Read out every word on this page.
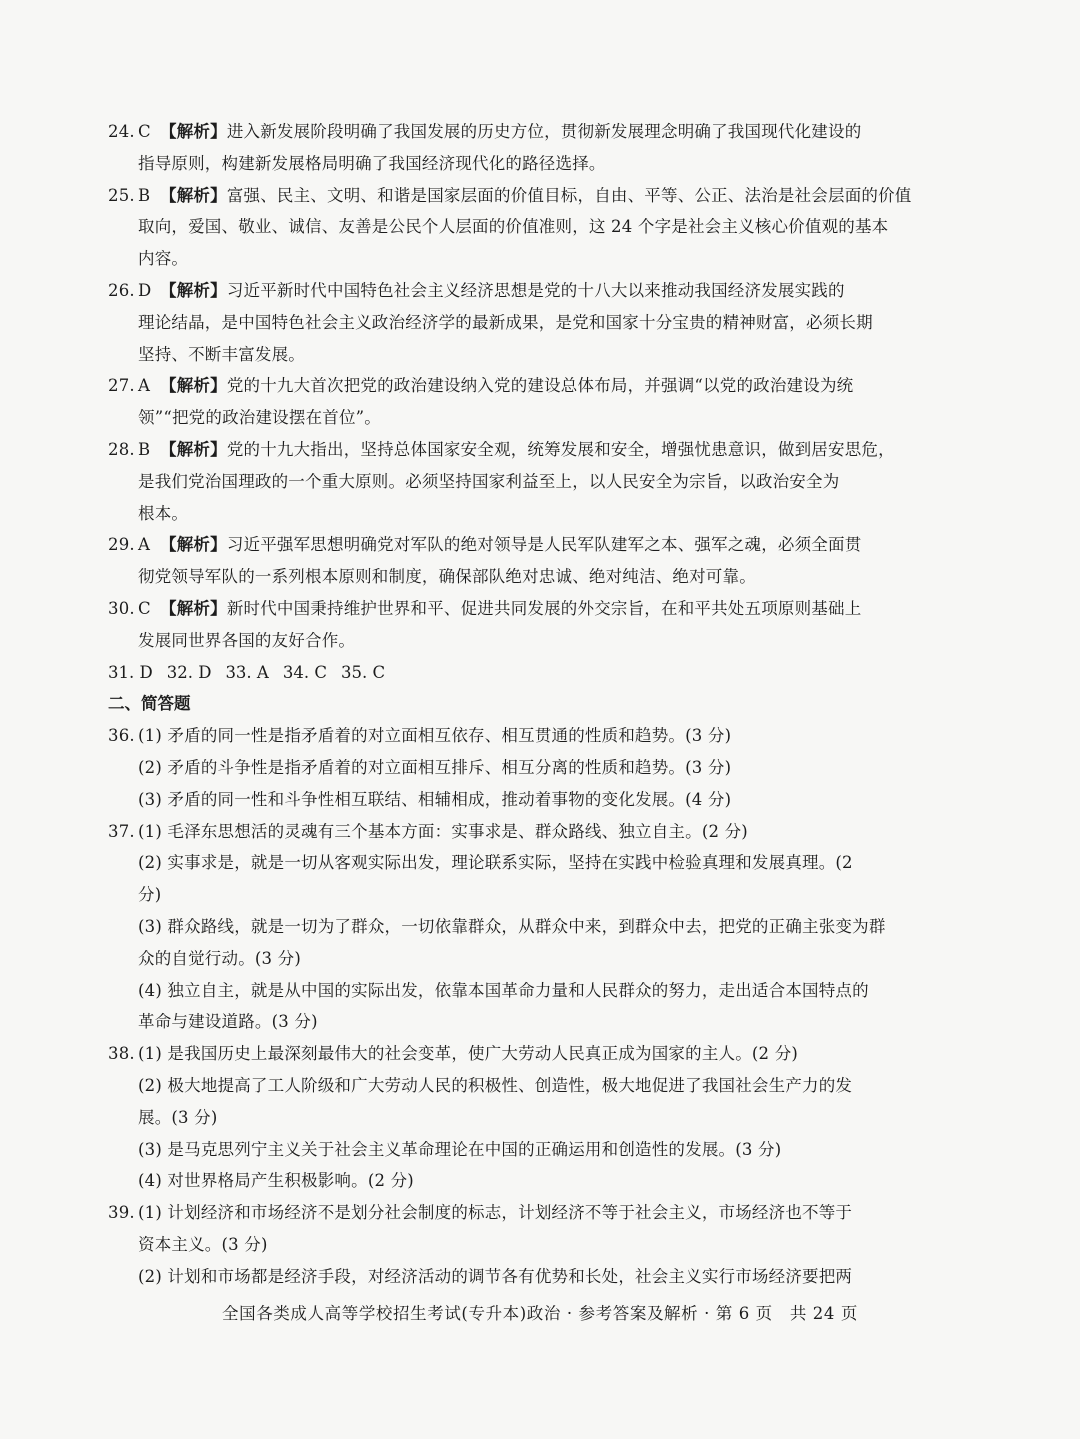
24. C 【解析】进入新发展阶段明确了我国发展的历史方位，贯彻新发展理念明确了我国现代化建设的
指导原则，构建新发展格局明确了我国经济现代化的路径选择。
25. B 【解析】富强、民主、文明、和谐是国家层面的价值目标，自由、平等、公正、法治是社会层面的价值
取向，爱国、敬业、诚信、友善是公民个人层面的价值准则，这 24 个字是社会主义核心价值观的基本
内容。
26. D 【解析】习近平新时代中国特色社会主义经济思想是党的十八大以来推动我国经济发展实践的
理论结晶，是中国特色社会主义政治经济学的最新成果，是党和国家十分宝贵的精神财富，必须长期
坚持、不断丰富发展。
27. A 【解析】党的十九大首次把党的政治建设纳入党的建设总体布局，并强调“以党的政治建设为统
领”“把党的政治建设摆在首位”。
28. B 【解析】党的十九大指出，坚持总体国家安全观，统筹发展和安全，增强忧患意识，做到居安思危，
是我们党治国理政的一个重大原则。必须坚持国家利益至上，以人民安全为宗旨，以政治安全为
根本。
29. A 【解析】习近平强军思想明确党对军队的绝对领导是人民军队建军之本、强军之魂，必须全面贯
彻党领导军队的一系列根本原则和制度，确保部队绝对忠诚、绝对纯洁、绝对可靠。
30. C 【解析】新时代中国秉持维护世界和平、促进共同发展的外交宗旨，在和平共处五项原则基础上
发展同世界各国的友好合作。
31. D 32. D 33. A 34. C 35. C
二、简答题
36. (1) 矛盾的同一性是指矛盾着的对立面相互依存、相互贯通的性质和趋势。(3 分)
(2) 矛盾的斗争性是指矛盾着的对立面相互排斥、相互分离的性质和趋势。(3 分)
(3) 矛盾的同一性和斗争性相互联结、相辅相成，推动着事物的变化发展。(4 分)
37. (1) 毛泽东思想活的灵魂有三个基本方面：实事求是、群众路线、独立自主。(2 分)
(2) 实事求是，就是一切从客观实际出发，理论联系实际，坚持在实践中检验真理和发展真理。(2
分)
(3) 群众路线，就是一切为了群众，一切依靠群众，从群众中来，到群众中去，把党的正确主张变为群
众的自觉行动。(3 分)
(4) 独立自主，就是从中国的实际出发，依靠本国革命力量和人民群众的努力，走出适合本国特点的
革命与建设道路。(3 分)
38. (1) 是我国历史上最深刻最伟大的社会变革，使广大劳动人民真正成为国家的主人。(2 分)
(2) 极大地提高了工人阶级和广大劳动人民的积极性、创造性，极大地促进了我国社会生产力的发
展。(3 分)
(3) 是马克思列宁主义关于社会主义革命理论在中国的正确运用和创造性的发展。(3 分)
(4) 对世界格局产生积极影响。(2 分)
39. (1) 计划经济和市场经济不是划分社会制度的标志，计划经济不等于社会主义，市场经济也不等于
资本主义。(3 分)
(2) 计划和市场都是经济手段，对经济活动的调节各有优势和长处，社会主义实行市场经济要把两
全国各类成人高等学校招生考试(专升本)政治 · 参考答案及解析 · 第 6 页　共 24 页
